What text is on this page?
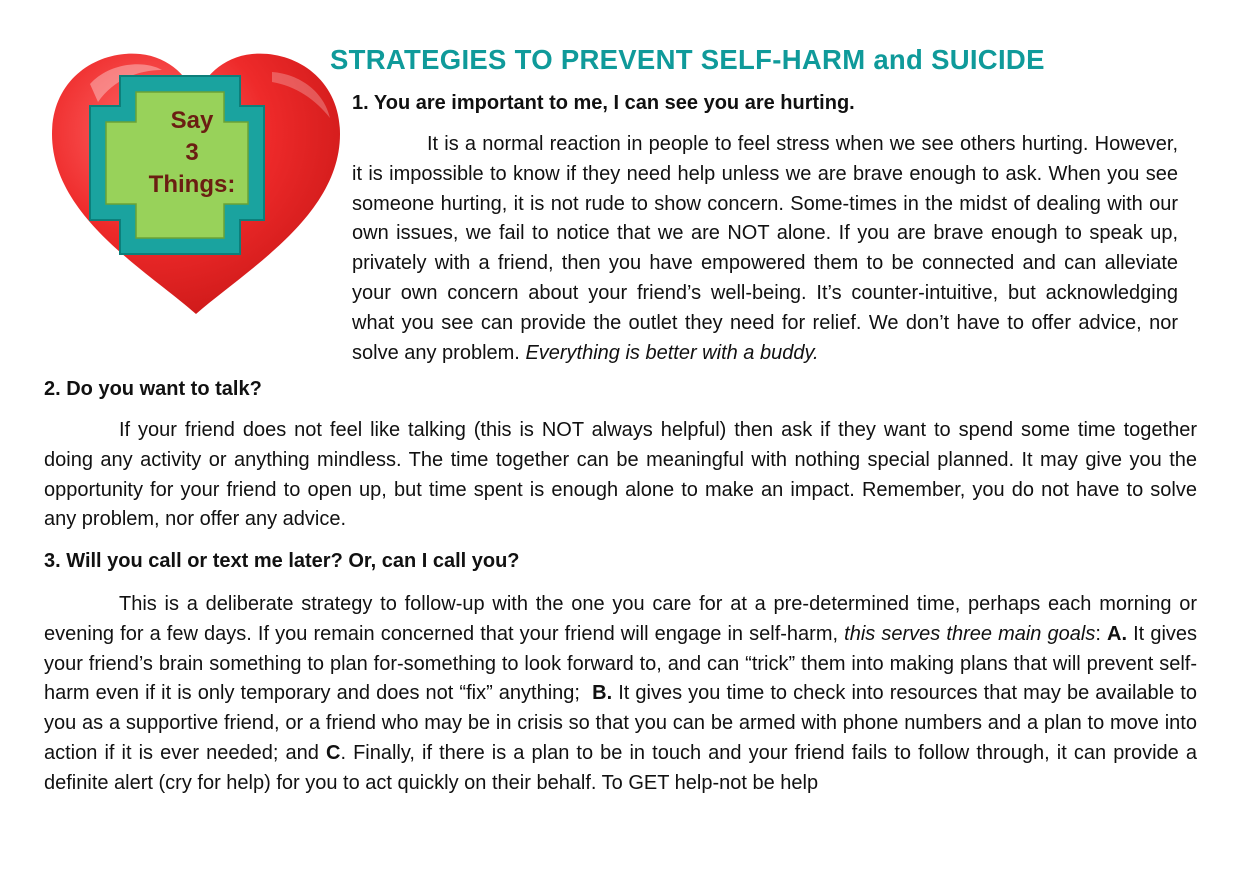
Say
3
Things:
STRATEGIES TO PREVENT SELF-HARM and SUICIDE
1. You are important to me, I can see you are hurting.

It is a normal reaction in people to feel stress when we see others hurting. However, it is impossible to know if they need help unless we are brave enough to ask. When you see someone hurting, it is not rude to show concern. Some-times in the midst of dealing with our own issues, we fail to notice that we are NOT alone. If you are brave enough to speak up, privately with a friend, then you have empowered them to be connected and can alleviate your own concern about your friend’s well-being. It’s counter-intuitive, but acknowledging what you see can provide the outlet they need for relief. We don’t have to offer advice, nor solve any problem. Everything is better with a buddy.

2. Do you want to talk?

If your friend does not feel like talking (this is NOT always helpful) then ask if they want to spend some time together doing any activity or anything mindless. The time together can be meaningful with nothing special planned. It may give you the opportunity for your friend to open up, but time spent is enough alone to make an impact. Remember, you do not have to solve any problem, nor offer any advice.

3. Will you call or text me later? Or, can I call you?

This is a deliberate strategy to follow-up with the one you care for at a pre-determined time, perhaps each morning or evening for a few days. If you remain concerned that your friend will engage in self-harm, this serves three main goals: A. It gives your friend’s brain something to plan for-something to look forward to, and can “trick” them into making plans that will prevent self-harm even if it is only temporary and does not “fix” anything; B. It gives you time to check into resources that may be available to you as a supportive friend, or a friend who may be in crisis so that you can be armed with phone numbers and a plan to move into action if it is ever needed; and C. Finally, if there is a plan to be in touch and your friend fails to follow through, it can provide a definite alert (cry for help) for you to act quickly on their behalf. To GET help-not be help
